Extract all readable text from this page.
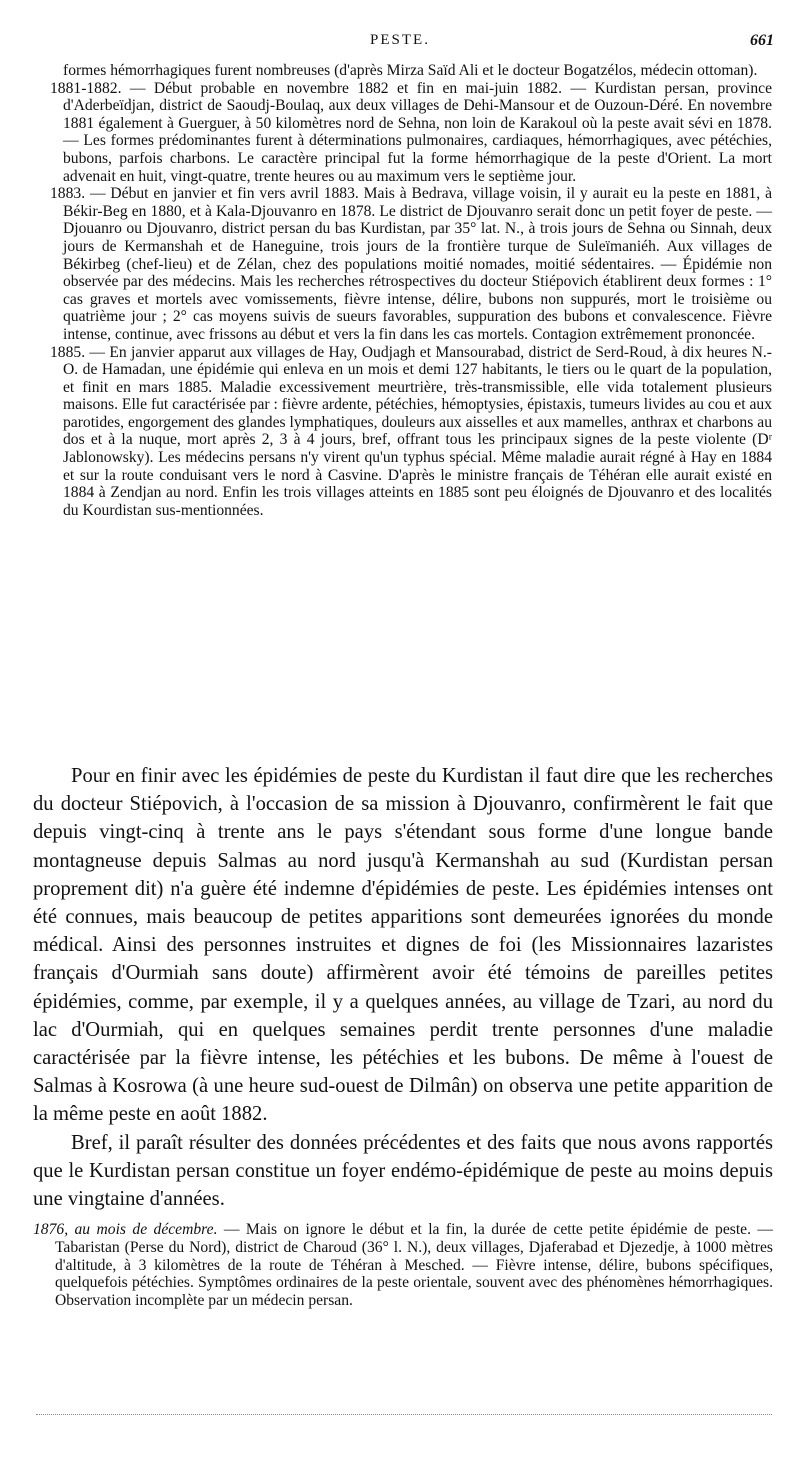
PESTE.	661

formes hémorrhagiques furent nombreuses (d'après Mirza Saïd Ali et le docteur Bogatzélos, médecin ottoman).

1881-1882. — Début probable en novembre 1882 et fin en mai-juin 1882. — Kurdistan persan, province d'Aderbeïdjan, district de Saoudj-Boulaq, aux deux villages de Dehi-Mansour et de Ouzoun-Déré. En novembre 1881 également à Guerguer, à 50 kilomètres nord de Sehna, non loin de Karakoul où la peste avait sévi en 1878. — Les formes prédominantes furent à déterminations pulmonaires, cardiaques, hémorrhagiques, avec pétéchies, bubons, parfois charbons. Le caractère principal fut la forme hémorrhagique de la peste d'Orient. La mort advenait en huit, vingt-quatre, trente heures ou au maximum vers le septième jour.

1883. — Début en janvier et fin vers avril 1883. Mais à Bedrava, village voisin, il y aurait eu la peste en 1881, à Békir-Beg en 1880, et à Kala-Djouvanro en 1878. Le district de Djouvanro serait donc un petit foyer de peste. — Djouanro ou Djouvanro, district persan du bas Kurdistan, par 35° lat. N., à trois jours de Sehna ou Sinnah, deux jours de Kermanshah et de Haneguine, trois jours de la frontière turque de Suleïmaniéh. Aux villages de Békirbeg (chef-lieu) et de Zélan, chez des populations moitié nomades, moitié sédentaires. — Épidémie non observée par des médecins. Mais les recherches rétrospectives du docteur Stiépovich établirent deux formes : 1° cas graves et mortels avec vomissements, fièvre intense, délire, bubons non suppurés, mort le troisième ou quatrième jour ; 2° cas moyens suivis de sueurs favorables, suppuration des bubons et convalescence. Fièvre intense, continue, avec frissons au début et vers la fin dans les cas mortels. Contagion extrêmement prononcée.

1885. — En janvier apparut aux villages de Hay, Oudjagh et Mansourabad, district de Serd-Roud, à dix heures N.-O. de Hamadan, une épidémie qui enleva en un mois et demi 127 habitants, le tiers ou le quart de la population, et finit en mars 1885. Maladie excessivement meurtrière, très-transmissible, elle vida totalement plusieurs maisons. Elle fut caractérisée par : fièvre ardente, pétéchies, hémoptysies, épistaxis, tumeurs livides au cou et aux parotides, engorgement des glandes lymphatiques, douleurs aux aisselles et aux mamelles, anthrax et charbons au dos et à la nuque, mort après 2, 3 à 4 jours, bref, offrant tous les principaux signes de la peste violente (Dʳ Jablonowsky). Les médecins persans n'y virent qu'un typhus spécial. Même maladie aurait régné à Hay en 1884 et sur la route conduisant vers le nord à Casvine. D'après le ministre français de Téhéran elle aurait existé en 1884 à Zendjan au nord. Enfin les trois villages atteints en 1885 sont peu éloignés de Djouvanro et des localités du Kourdistan sus-mentionnées.

Pour en finir avec les épidémies de peste du Kurdistan il faut dire que les recherches du docteur Stiépovich, à l'occasion de sa mission à Djouvanro, confirmèrent le fait que depuis vingt-cinq à trente ans le pays s'étendant sous forme d'une longue bande montagneuse depuis Salmas au nord jusqu'à Kermanshah au sud (Kurdistan persan proprement dit) n'a guère été indemne d'épidémies de peste. Les épidémies intenses ont été connues, mais beaucoup de petites apparitions sont demeurées ignorées du monde médical. Ainsi des personnes instruites et dignes de foi (les Missionnaires lazaristes français d'Ourmiah sans doute) affirmèrent avoir été témoins de pareilles petites épidémies, comme, par exemple, il y a quelques années, au village de Tzari, au nord du lac d'Ourmiah, qui en quelques semaines perdit trente personnes d'une maladie caractérisée par la fièvre intense, les pétéchies et les bubons. De même à l'ouest de Salmas à Kosrowa (à une heure sud-ouest de Dilmân) on observa une petite apparition de la même peste en août 1882.

Bref, il paraît résulter des données précédentes et des faits que nous avons rapportés que le Kurdistan persan constitue un foyer endémo-épidémique de peste au moins depuis une vingtaine d'années.

1876, au mois de décembre. — Mais on ignore le début et la fin, la durée de cette petite épidémie de peste. — Tabaristan (Perse du Nord), district de Charoud (36° l. N.), deux villages, Djaferabad et Djezedje, à 1000 mètres d'altitude, à 3 kilomètres de la route de Téhéran à Mesched. — Fièvre intense, délire, bubons spécifiques, quelquefois pétéchies. Symptômes ordinaires de la peste orientale, souvent avec des phénomènes hémorrhagiques. Observation incomplète par un médecin persan.
